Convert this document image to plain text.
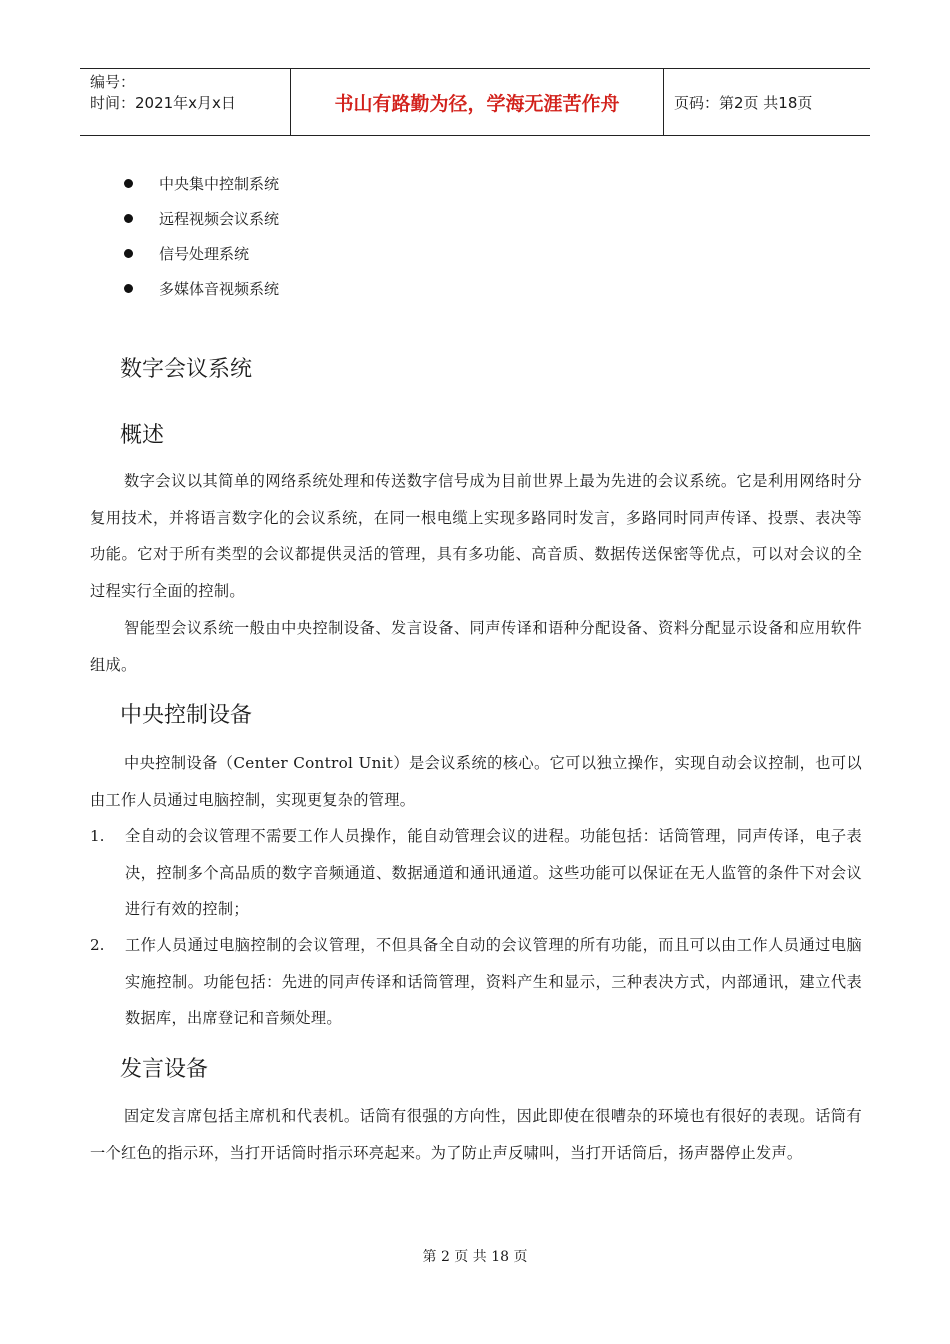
编号：
时间：2021年x月x日	书山有路勤为径，学海无涯苦作舟	页码：第2页 共18页
中央集中控制系统
远程视频会议系统
信号处理系统
多媒体音视频系统
数字会议系统
概述

数字会议以其简单的网络系统处理和传送数字信号成为目前世界上最为先进的会议系统。它是利用网络时分复用技术，并将语言数字化的会议系统，在同一根电缆上实现多路同时发言，多路同时同声传译、投票、表决等功能。它对于所有类型的会议都提供灵活的管理，具有多功能、高音质、数据传送保密等优点，可以对会议的全过程实行全面的控制。

智能型会议系统一般由中央控制设备、发言设备、同声传译和语种分配设备、资料分配显示设备和应用软件组成。

中央控制设备

中央控制设备（Center Control Unit）是会议系统的核心。它可以独立操作，实现自动会议控制，也可以由工作人员通过电脑控制，实现更复杂的管理。

1. 全自动的会议管理不需要工作人员操作，能自动管理会议的进程。功能包括：话筒管理，同声传译，电子表决，控制多个高品质的数字音频通道、数据通道和通讯通道。这些功能可以保证在无人监管的条件下对会议进行有效的控制；
2. 工作人员通过电脑控制的会议管理，不但具备全自动的会议管理的所有功能，而且可以由工作人员通过电脑实施控制。功能包括：先进的同声传译和话筒管理，资料产生和显示，三种表决方式，内部通讯，建立代表数据库，出席登记和音频处理。
发言设备

固定发言席包括主席机和代表机。话筒有很强的方向性，因此即使在很嘈杂的环境也有很好的表现。话筒有一个红色的指示环，当打开话筒时指示环亮起来。为了防止声反啸叫，当打开话筒后，扬声器停止发声。

第 2 页 共 18 页
